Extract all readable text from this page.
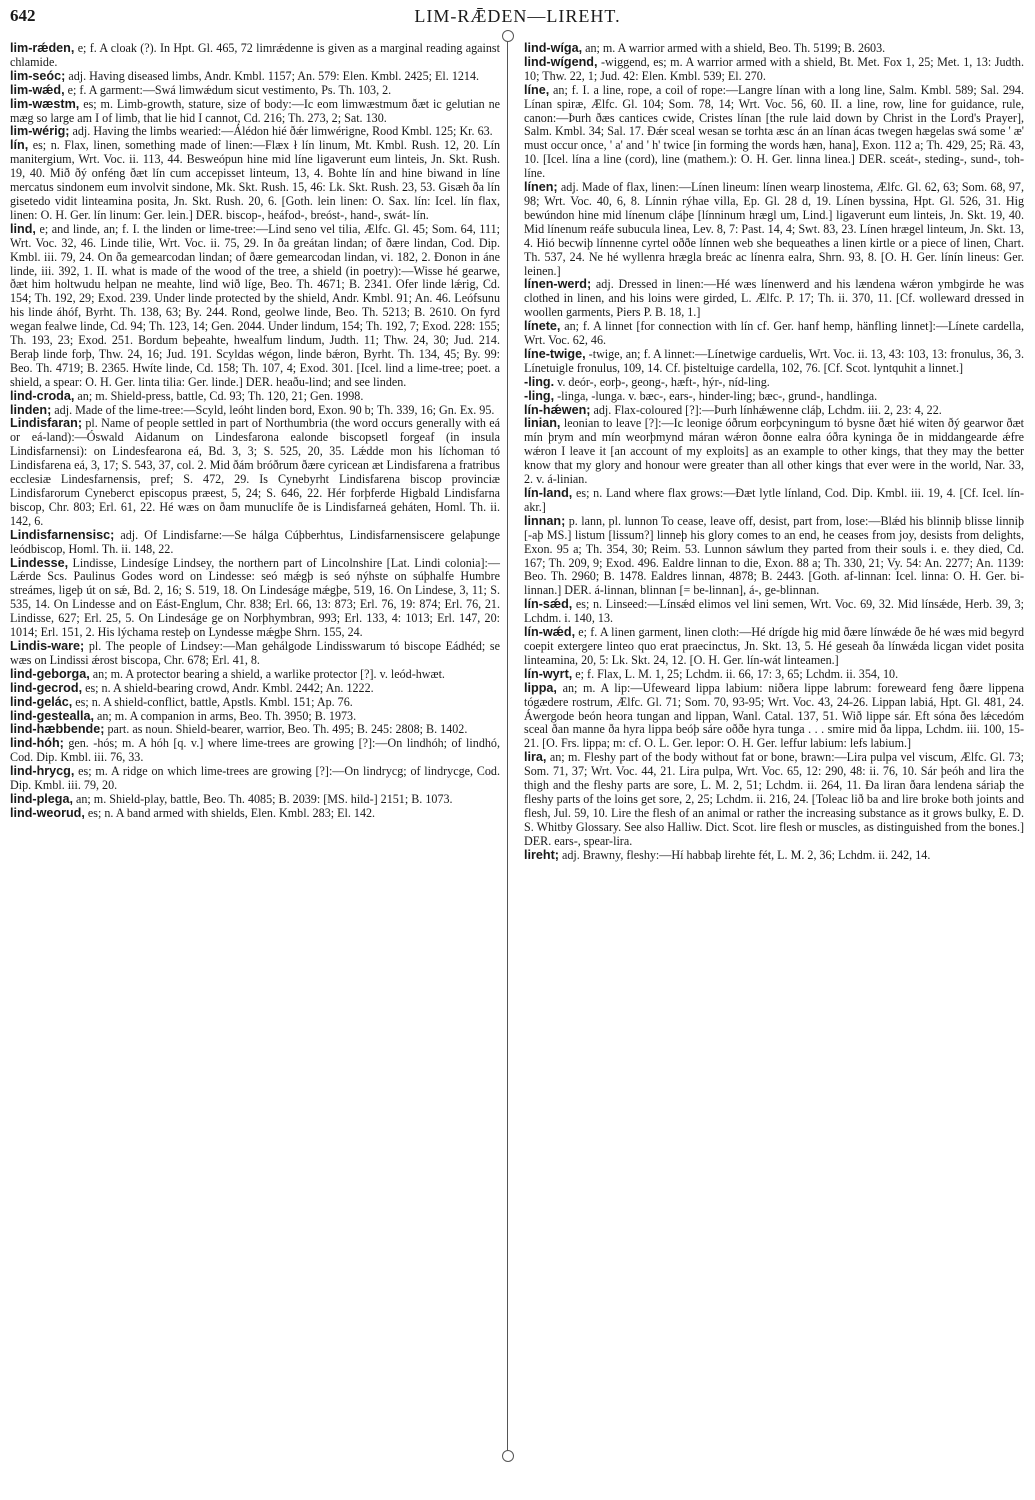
642	LIM-RǢDEN—LIREHT.

lim-rǽden, e; f. A cloak (?). In Hpt. Gl. 465, 72 limrǽdenne is given as a marginal reading against chlamide.

lim-seóc; adj. Having diseased limbs, Andr. Kmbl. 1157; An. 579: Elen. Kmbl. 2425; El. 1214.

lim-wǽd, e; f. A garment:—Swá limwǽdum sicut vestimento, Ps. Th. 103, 2.

lim-wæstm, es; m. Limb-growth, stature, size of body:—Ic eom limwæstmum ðæt ic gelutian ne mæg so large am I of limb, that lie hid I cannot, Cd. 216; Th. 273, 2; Sat. 130.

lim-wérig; adj. Having the limbs wearied:—Álédon hié ðǽr limwérigne, Rood Kmbl. 125; Kr. 63.

lín, es; n. Flax, linen, something made of linen:—Flæx ł lín linum, Mt. Kmbl. Rush. 12, 20. Lín manitergium, Wrt. Voc. ii. 113, 44. Besweópun hine mid líne ligaverunt eum linteis, Jn. Skt. Rush. 19, 40. Mið ðý onféng ðæt lín cum accepisset linteum, 13, 4. Bohte lín and hine biwand in líne mercatus sindonem eum involvit sindone, Mk. Skt. Rush. 15, 46: Lk. Skt. Rush. 23, 53. Gisæh ða lín gisetedo vidit linteamina posita, Jn. Skt. Rush. 20, 6. [Goth. lein linen: O. Sax. lín: Icel. lín flax, linen: O. H. Ger. lín linum: Ger. lein.] DER. biscop-, heáfod-, breóst-, hand-, swát- lín.

lind, e; and linde, an; f. I. the linden or lime-tree:—Lind seno vel tilia, Ælfc. Gl. 45; Som. 64, 111; Wrt. Voc. 32, 46. Linde tilie, Wrt. Voc. ii. 75, 29. In ða greátan lindan; of ðære lindan, Cod. Dip. Kmbl. iii. 79, 24. On ða gemearcodan lindan; of ðære gemearcodan lindan, vi. 182, 2. Ðonon in áne linde, iii. 392, 1. II. what is made of the wood of the tree, a shield (in poetry):—Wisse hé gearwe, ðæt him holtwudu helpan ne meahte, lind wið líge, Beo. Th. 4671; B. 2341. Ofer linde lǽrig, Cd. 154; Th. 192, 29; Exod. 239. Under linde protected by the shield, Andr. Kmbl. 91; An. 46. Leófsunu his linde áhóf, Byrht. Th. 138, 63; By. 244. Rond, geolwe linde, Beo. Th. 5213; B. 2610. On fyrd wegan fealwe linde, Cd. 94; Th. 123, 14; Gen. 2044. Under lindum, 154; Th. 192, 7; Exod. 228: 155; Th. 193, 23; Exod. 251. Bordum beþeahte, hwealfum lindum, Judth. 11; Thw. 24, 30; Jud. 214. Beraþ linde forþ, Thw. 24, 16; Jud. 191. Scyldas wégon, linde bǽron, Byrht. Th. 134, 45; By. 99: Beo. Th. 4719; B. 2365. Hwíte linde, Cd. 158; Th. 107, 4; Exod. 301. [Icel. lind a lime-tree; poet. a shield, a spear: O. H. Ger. linta tilia: Ger. linde.] DER. heaðu-lind; and see linden.

lind-croda, an; m. Shield-press, battle, Cd. 93; Th. 120, 21; Gen. 1998.

linden; adj. Made of the lime-tree:—Scyld, leóht linden bord, Exon. 90 b; Th. 339, 16; Gn. Ex. 95.

Lindisfaran; pl. Name of people settled in part of Northumbria (the word occurs generally with eá or eá-land):—Óswald Aidanum on Lindesfarona ealonde biscopsetl forgeaf (in insula Lindisfarnensi): on Lindesfearona eá, Bd. 3, 3; S. 525, 20, 35. Lǽdde mon his líchoman tó Lindisfarena eá, 3, 17; S. 543, 37, col. 2. Mid ðám bróðrum ðære cyricean æt Lindisfarena a fratribus ecclesiæ Lindesfarnensis, pref; S. 472, 29. Is Cynebyrht Lindisfarena biscop provinciæ Lindisfarorum Cyneberct episcopus præest, 5, 24; S. 646, 22. Hér forþferde Higbald Lindisfarna biscop, Chr. 803; Erl. 61, 22. Hé wæs on ðam munuclífe ðe is Lindisfarneá geháten, Homl. Th. ii. 142, 6.

Lindisfarnensisc; adj. Of Lindisfarne:—Se hálga Cúþberhtus, Lindisfarnensiscere gelaþunge leódbiscop, Homl. Th. ii. 148, 22.

Lindesse, Lindisse, Lindesíge Lindsey, the northern part of Lincolnshire [Lat. Lindi colonia]:—Lǽrde Scs. Paulinus Godes word on Lindesse: seó mǽgþ is seó nýhste on súþhalfe Humbre streámes, ligeþ út on sǽ, Bd. 2, 16; S. 519, 18. On Lindeságe mǽgþe, 519, 16. On Lindese, 3, 11; S. 535, 14. On Lindesse and on Eást-Englum, Chr. 838; Erl. 66, 13: 873; Erl. 76, 19: 874; Erl. 76, 21. Lindisse, 627; Erl. 25, 5. On Lindeságe ge on Norþhymbran, 993; Erl. 133, 4: 1013; Erl. 147, 20: 1014; Erl. 151, 2. His lýchama resteþ on Lyndesse mǽgþe Shrn. 155, 24.

Lindis-ware; pl. The people of Lindsey:—Man gehálgode Lindisswarum tó biscope Eádhéd; se wæs on Lindissi ǽrost biscopa, Chr. 678; Erl. 41, 8.

lind-geborga, an; m. A protector bearing a shield, a warlike protector [?]. v. leód-hwæt.

lind-gecrod, es; n. A shield-bearing crowd, Andr. Kmbl. 2442; An. 1222.

lind-gelác, es; n. A shield-conflict, battle, Apstls. Kmbl. 151; Ap. 76.

lind-gestealla, an; m. A companion in arms, Beo. Th. 3950; B. 1973.

lind-hæbbende; part. as noun. Shield-bearer, warrior, Beo. Th. 495; B. 245: 2808; B. 1402.

lind-hóh; gen. -hós; m. A hóh [q. v.] where lime-trees are growing [?]:—On lindhóh; of lindhó, Cod. Dip. Kmbl. iii. 76, 33.

lind-hrycg, es; m. A ridge on which lime-trees are growing [?]:—On lindrycg; of lindrycge, Cod. Dip. Kmbl. iii. 79, 20.

lind-plega, an; m. Shield-play, battle, Beo. Th. 4085; B. 2039: [MS. hild-] 2151; B. 1073.

lind-weorud, es; n. A band armed with shields, Elen. Kmbl. 283; El. 142.

lind-wíga, an; m. A warrior armed with a shield, Beo. Th. 5199; B. 2603.

lind-wígend, -wiggend, es; m. A warrior armed with a shield, Bt. Met. Fox 1, 25; Met. 1, 13: Judth. 10; Thw. 22, 1; Jud. 42: Elen. Kmbl. 539; El. 270.

líne, an; f. I. a line, rope, a coil of rope:—Langre línan with a long line, Salm. Kmbl. 589; Sal. 294. Línan spiræ, Ælfc. Gl. 104; Som. 78, 14; Wrt. Voc. 56, 60. II. a line, row, line for guidance, rule, canon:—Þurh ðæs cantices cwide, Cristes línan [the rule laid down by Christ in the Lord's Prayer], Salm. Kmbl. 34; Sal. 17. Ðǽr sceal wesan se torhta æsc án an línan ácas twegen hægelas swá some ' æ' must occur once, ' a' and ' h' twice [in forming the words hæn, hana], Exon. 112 a; Th. 429, 25; Rä. 43, 10. [Icel. lína a line (cord), line (mathem.): O. H. Ger. linna linea.] DER. sceát-, steding-, sund-, toh-líne.

línen; adj. Made of flax, linen:—Línen lineum: línen wearp linostema, Ælfc. Gl. 62, 63; Som. 68, 97, 98; Wrt. Voc. 40, 6, 8. Línnin rýhae villa, Ep. Gl. 28 d, 19. Línen byssina, Hpt. Gl. 526, 31. Hig bewúndon hine mid línenum cláþe [línninum hrægl um, Lind.] ligaverunt eum linteis, Jn. Skt. 19, 40. Mid línenum reáfe subucula linea, Lev. 8, 7: Past. 14, 4; Swt. 83, 23. Línen hrægel linteum, Jn. Skt. 13, 4. Hió becwiþ línnenne cyrtel oððe línnen web she bequeathes a linen kirtle or a piece of linen, Chart. Th. 537, 24. Ne hé wyllenra hrægla breác ac línenra ealra, Shrn. 93, 8. [O. H. Ger. línín lineus: Ger. leinen.]

línen-werd; adj. Dressed in linen:—Hé wæs línenwerd and his lændena wǽron ymbgirde he was clothed in linen, and his loins were girded, L. Ælfc. P. 17; Th. ii. 370, 11. [Cf. wolleward dressed in woollen garments, Piers P. B. 18, 1.]

línete, an; f. A linnet [for connection with lín cf. Ger. hanf hemp, hänfling linnet]:—Línete cardella, Wrt. Voc. 62, 46.

líne-twige, -twige, an; f. A linnet:—Línetwige carduelis, Wrt. Voc. ii. 13, 43: 103, 13: fronulus, 36, 3. Línetuigle fronulus, 109, 14. Cf. þisteltuige cardella, 102, 76. [Cf. Scot. lyntquhit a linnet.]

-ling. v. deór-, eorþ-, geong-, hæft-, hýr-, níd-ling.

-ling, -linga, -lunga. v. bæc-, ears-, hinder-ling; bæc-, grund-, handlinga.

lín-hǽwen; adj. Flax-coloured [?]:—Þurh línhǽwenne cláþ, Lchdm. iii. 2, 23: 4, 22.

linian, leonian to leave [?]:—Ic leonige óðrum eorþcyningum tó bysne ðæt hié witen ðý gearwor ðæt mín þrym and mín weorþmynd máran wǽron ðonne ealra óðra kyninga ðe in middangearde ǽfre wǽron I leave it [an account of my exploits] as an example to other kings, that they may the better know that my glory and honour were greater than all other kings that ever were in the world, Nar. 33, 2. v. á-linian.

lín-land, es; n. Land where flax grows:—Ðæt lytle línland, Cod. Dip. Kmbl. iii. 19, 4. [Cf. Icel. lín-akr.]

linnan; p. lann, pl. lunnon To cease, leave off, desist, part from, lose:—Blǽd his blinniþ blisse linniþ [-aþ MS.] listum [lissum?] linneþ his glory comes to an end, he ceases from joy, desists from delights, Exon. 95 a; Th. 354, 30; Reim. 53. Lunnon sáwlum they parted from their souls i. e. they died, Cd. 167; Th. 209, 9; Exod. 496. Ealdre linnan to die, Exon. 88 a; Th. 330, 21; Vy. 54: An. 2277; An. 1139: Beo. Th. 2960; B. 1478. Ealdres linnan, 4878; B. 2443. [Goth. af-linnan: Icel. linna: O. H. Ger. bi-linnan.] DER. á-linnan, blinnan [= be-linnan], á-, ge-blinnan.

lín-sǽd, es; n. Linseed:—Línsǽd elimos vel lini semen, Wrt. Voc. 69, 32. Mid línsǽde, Herb. 39, 3; Lchdm. i. 140, 13.

lín-wǽd, e; f. A linen garment, linen cloth:—Hé drígde hig mid ðære línwǽde ðe hé wæs mid begyrd coepit extergere linteo quo erat praecinctus, Jn. Skt. 13, 5. Hé geseah ða línwǽda licgan videt posita linteamina, 20, 5: Lk. Skt. 24, 12. [O. H. Ger. lín-wát linteamen.]

lín-wyrt, e; f. Flax, L. M. 1, 25; Lchdm. ii. 66, 17: 3, 65; Lchdm. ii. 354, 10.

lippa, an; m. A lip:—Ufeweard lippa labium: niðera lippe labrum: foreweard feng ðære lippena tógædere rostrum, Ælfc. Gl. 71; Som. 70, 93-95; Wrt. Voc. 43, 24-26. Lippan labiá, Hpt. Gl. 481, 24. Áwergode beón heora tungan and lippan, Wanl. Catal. 137, 51. Wið lippe sár. Eft sóna ðes lǽcedóm sceal ðan manne ða hyra lippa beóþ sáre oððe hyra tunga . . . smire mid ða lippa, Lchdm. iii. 100, 15-21. [O. Frs. lippa; m: cf. O. L. Ger. lepor: O. H. Ger. leffur labium: lefs labium.]

lira, an; m. Fleshy part of the body without fat or bone, brawn:—Lira pulpa vel viscum, Ælfc. Gl. 73; Som. 71, 37; Wrt. Voc. 44, 21. Lira pulpa, Wrt. Voc. 65, 12: 290, 48: ii. 76, 10. Sár þeóh and lira the thigh and the fleshy parts are sore, L. M. 2, 51; Lchdm. ii. 264, 11. Ða liran ðara lendena sáriaþ the fleshy parts of the loins get sore, 2, 25; Lchdm. ii. 216, 24. [Toleac lið ba and lire broke both joints and flesh, Jul. 59, 10. Lire the flesh of an animal or rather the increasing substance as it grows bulky, E. D. S. Whitby Glossary. See also Halliw. Dict. Scot. lire flesh or muscles, as distinguished from the bones.] DER. ears-, spear-lira.

lireht; adj. Brawny, fleshy:—Hí habbaþ lirehte fét, L. M. 2, 36; Lchdm. ii. 242, 14.
